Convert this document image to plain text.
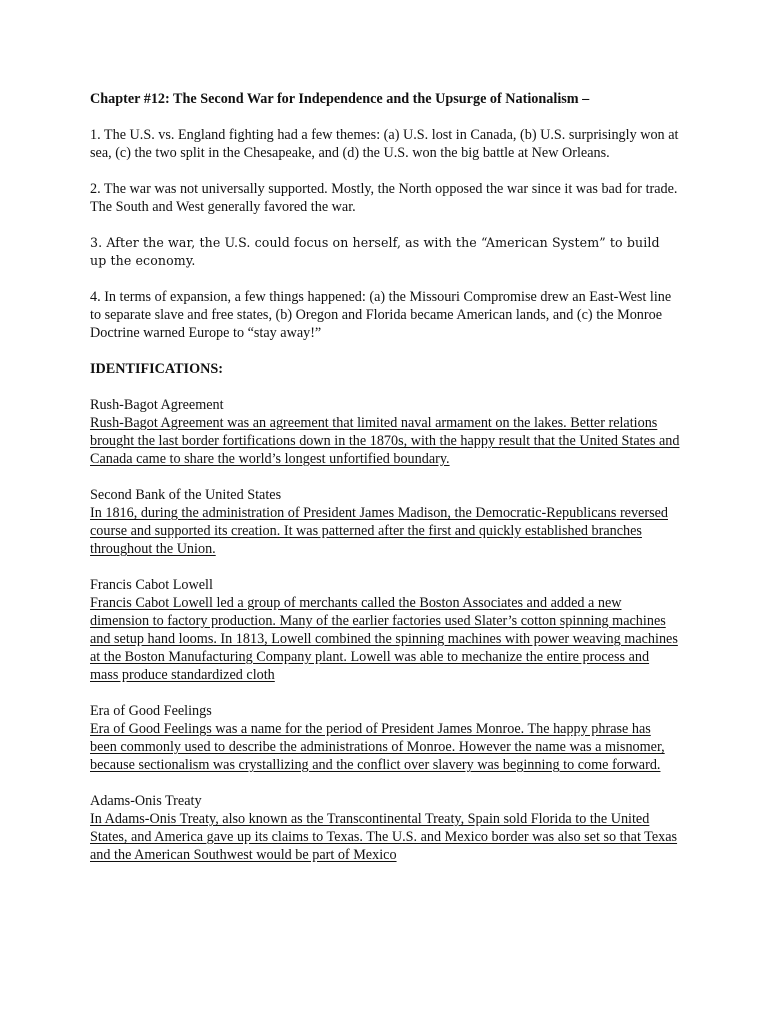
Chapter #12: The Second War for Independence and the Upsurge of Nationalism –

1. The U.S. vs. England fighting had a few themes: (a) U.S. lost in Canada, (b) U.S. surprisingly won at sea, (c) the two split in the Chesapeake, and (d) the U.S. won the big battle at New Orleans.

2. The war was not universally supported. Mostly, the North opposed the war since it was bad for trade. The South and West generally favored the war.

3. After the war, the U.S. could focus on herself, as with the “American System” to build up the economy.

4. In terms of expansion, a few things happened: (a) the Missouri Compromise drew an East-West line to separate slave and free states, (b) Oregon and Florida became American lands, and (c) the Monroe Doctrine warned Europe to “stay away!”

IDENTIFICATIONS:

Rush-Bagot Agreement
Rush-Bagot Agreement was an agreement that limited naval armament on the lakes. Better relations brought the last border fortifications down in the 1870s, with the happy result that the United States and Canada came to share the world’s longest unfortified boundary.
Second Bank of the United States
In 1816, during the administration of President James Madison, the Democratic-Republicans reversed course and supported its creation. It was patterned after the first and quickly established branches throughout the Union.
Francis Cabot Lowell
Francis Cabot Lowell led a group of merchants called the Boston Associates and added a new dimension to factory production. Many of the earlier factories used Slater’s cotton spinning machines and setup hand looms. In 1813, Lowell combined the spinning machines with power weaving machines at the Boston Manufacturing Company plant. Lowell was able to mechanize the entire process and mass produce standardized cloth
Era of Good Feelings
Era of Good Feelings was a name for the period of President James Monroe. The happy phrase has been commonly used to describe the administrations of Monroe. However the name was a misnomer, because sectionalism was crystallizing and the conflict over slavery was beginning to come forward.
Adams-Onis Treaty
In Adams-Onis Treaty, also known as the Transcontinental Treaty, Spain sold Florida to the United States, and America gave up its claims to Texas. The U.S. and Mexico border was also set so that Texas and the American Southwest would be part of Mexico
